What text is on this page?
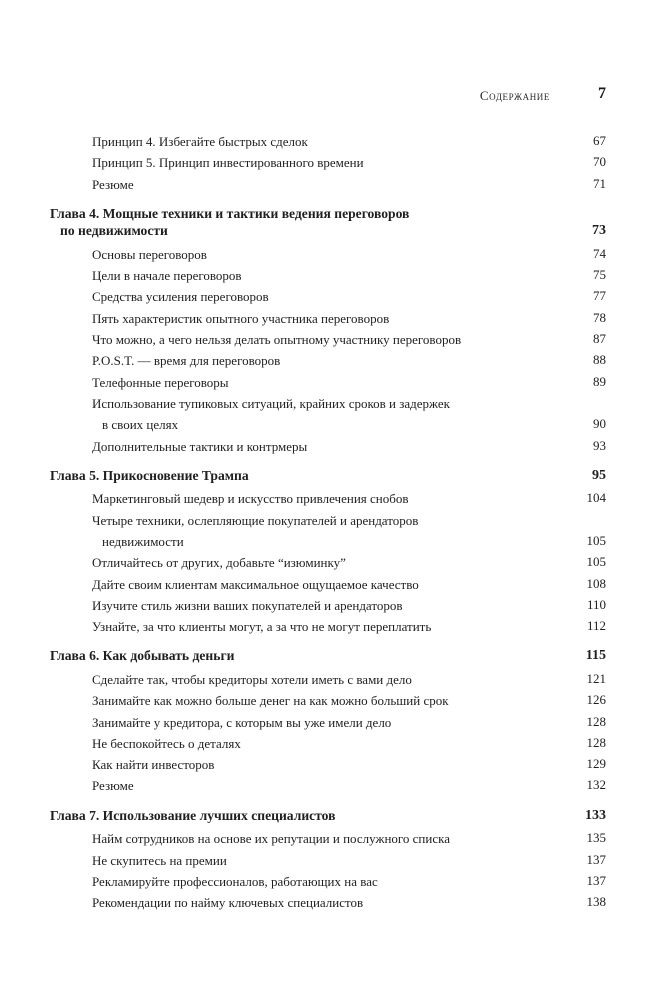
Содержание	7
Принцип 4. Избегайте быстрых сделок	67
Принцип 5. Принцип инвестированного времени	70
Резюме	71
Глава 4. Мощные техники и тактики ведения переговоров
по недвижимости	73
Основы переговоров	74
Цели в начале переговоров	75
Средства усиления переговоров	77
Пять характеристик опытного участника переговоров	78
Что можно, а чего нельзя делать опытному участнику переговоров	87
P.O.S.T. — время для переговоров	88
Телефонные переговоры	89
Использование тупиковых ситуаций, крайних сроков и задержек
в своих целях	90
Дополнительные тактики и контрмеры	93
Глава 5. Прикосновение Трампа	95
Маркетинговый шедевр и искусство привлечения снобов	104
Четыре техники, ослепляющие покупателей и арендаторов
недвижимости	105
Отличайтесь от других, добавьте “изюминку”	105
Дайте своим клиентам максимальное ощущаемое качество	108
Изучите стиль жизни ваших покупателей и арендаторов	110
Узнайте, за что клиенты могут, а за что не могут переплатить	112
Глава 6. Как добывать деньги	115
Сделайте так, чтобы кредиторы хотели иметь с вами дело	121
Занимайте как можно больше денег на как можно больший срок	126
Занимайте у кредитора, с которым вы уже имели дело	128
Не беспокойтесь о деталях	128
Как найти инвесторов	129
Резюме	132
Глава 7. Использование лучших специалистов	133
Найм сотрудников на основе их репутации и послужного списка	135
Не скупитесь на премии	137
Рекламируйте профессионалов, работающих на вас	137
Рекомендации по найму ключевых специалистов	138
